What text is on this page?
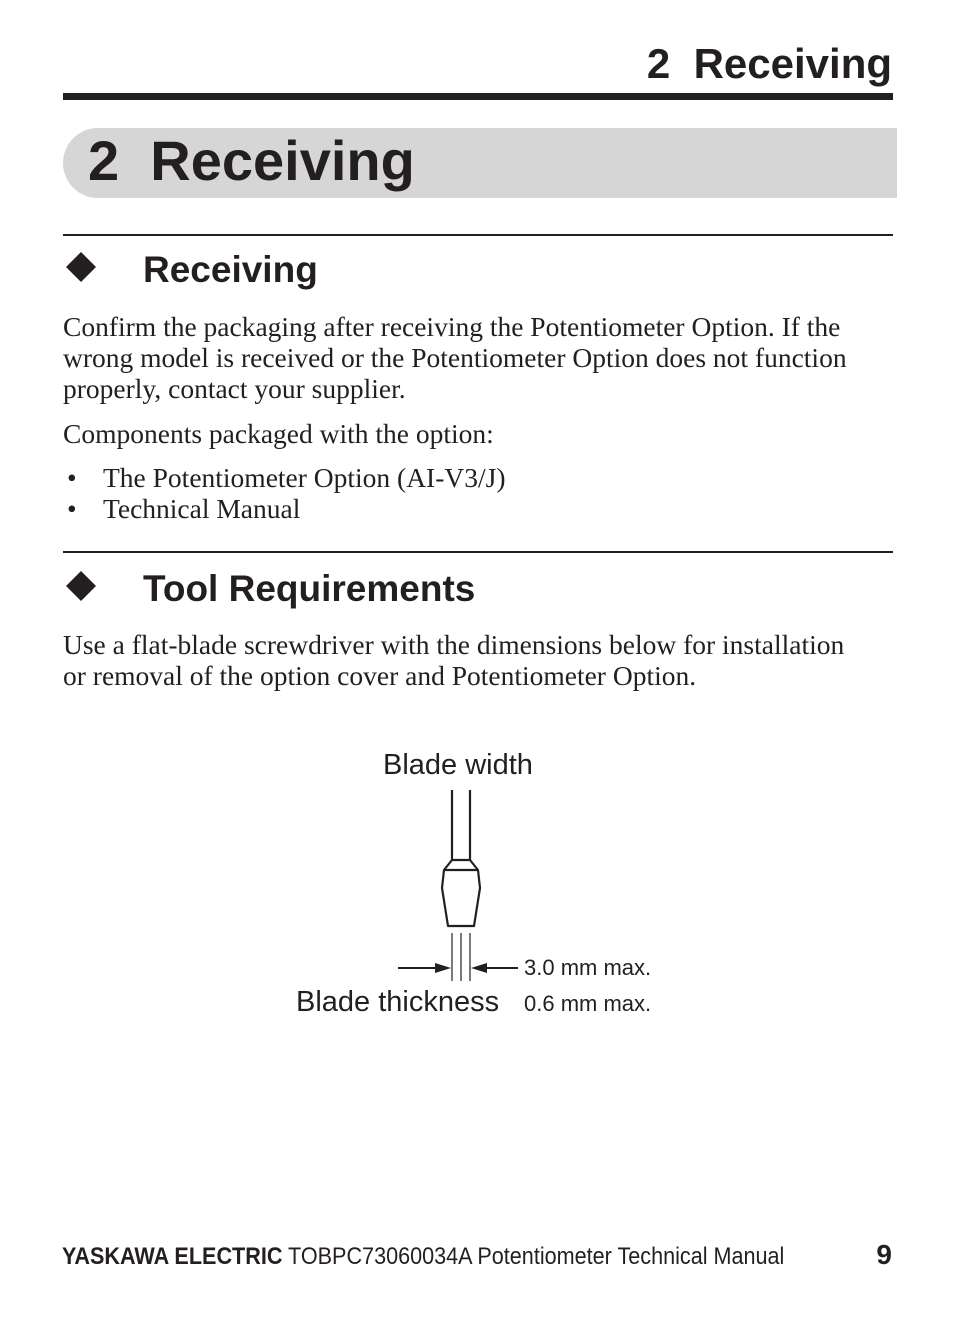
2  Receiving
2  Receiving
Receiving
Confirm the packaging after receiving the Potentiometer Option. If the wrong model is received or the Potentiometer Option does not function properly, contact your supplier.
Components packaged with the option:
• The Potentiometer Option (AI-V3/J)
• Technical Manual
Tool Requirements
Use a flat-blade screwdriver with the dimensions below for installation or removal of the option cover and Potentiometer Option.
Blade width
3.0 mm max.
Blade thickness 0.6 mm max.
YASKAWA ELECTRIC TOBPC73060034A Potentiometer Technical Manual	9
